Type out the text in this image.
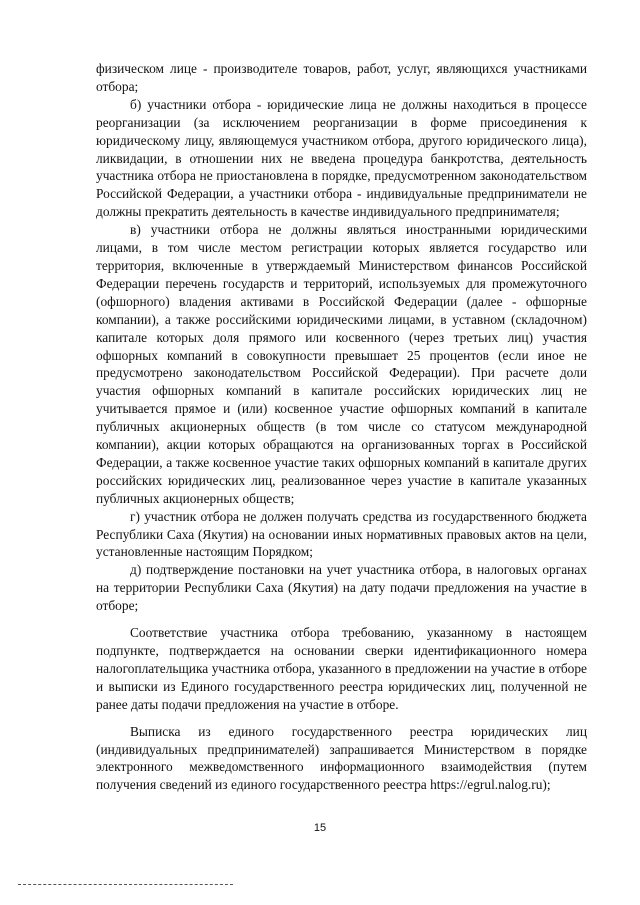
физическом лице - производителе товаров, работ, услуг, являющихся участниками отбора;

б) участники отбора - юридические лица не должны находиться в процессе реорганизации (за исключением реорганизации в форме присоединения к юридическому лицу, являющемуся участником отбора, другого юридического лица), ликвидации, в отношении них не введена процедура банкротства, деятельность участника отбора не приостановлена в порядке, предусмотренном законодательством Российской Федерации, а участники отбора - индивидуальные предприниматели не должны прекратить деятельность в качестве индивидуального предпринимателя;

в) участники отбора не должны являться иностранными юридическими лицами, в том числе местом регистрации которых является государство или территория, включенные в утверждаемый Министерством финансов Российской Федерации перечень государств и территорий, используемых для промежуточного (офшорного) владения активами в Российской Федерации (далее - офшорные компании), а также российскими юридическими лицами, в уставном (складочном) капитале которых доля прямого или косвенного (через третьих лиц) участия офшорных компаний в совокупности превышает 25 процентов (если иное не предусмотрено законодательством Российской Федерации). При расчете доли участия офшорных компаний в капитале российских юридических лиц не учитывается прямое и (или) косвенное участие офшорных компаний в капитале публичных акционерных обществ (в том числе со статусом международной компании), акции которых обращаются на организованных торгах в Российской Федерации, а также косвенное участие таких офшорных компаний в капитале других российских юридических лиц, реализованное через участие в капитале указанных публичных акционерных обществ;

г) участник отбора не должен получать средства из государственного бюджета Республики Саха (Якутия) на основании иных нормативных правовых актов на цели, установленные настоящим Порядком;

д) подтверждение постановки на учет участника отбора, в налоговых органах на территории Республики Саха (Якутия) на дату подачи предложения на участие в отборе;

Соответствие участника отбора требованию, указанному в настоящем подпункте, подтверждается на основании сверки идентификационного номера налогоплательщика участника отбора, указанного в предложении на участие в отборе и выписки из Единого государственного реестра юридических лиц, полученной не ранее даты подачи предложения на участие в отборе.

Выписка из единого государственного реестра юридических лиц (индивидуальных предпринимателей) запрашивается Министерством в порядке электронного межведомственного информационного взаимодействия (путем получения сведений из единого государственного реестра https://egrul.nalog.ru);

15
